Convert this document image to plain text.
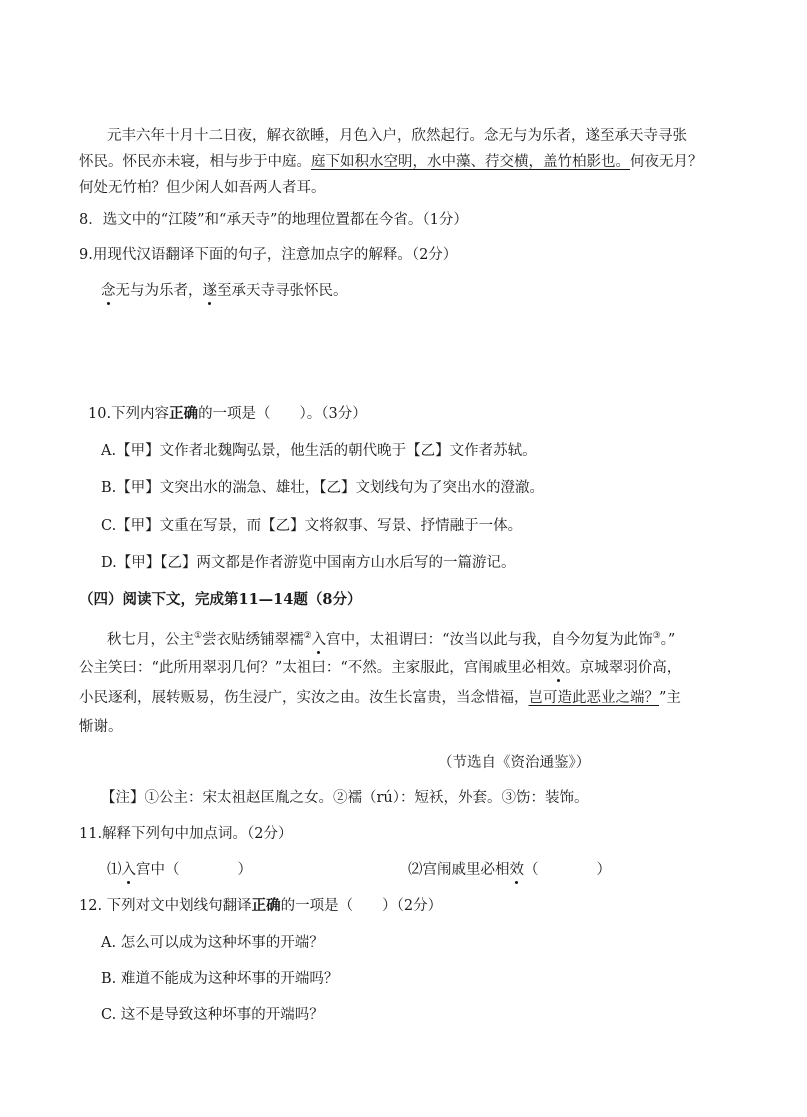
元丰六年十月十二日夜，解衣欲睡，月色入户，欣然起行。念无与为乐者，遂至承天寺寻张
怀民。怀民亦未寝，相与步于中庭。庭下如积水空明，水中藻、荇交横，盖竹柏影也。何夜无月？
何处无竹柏？但少闲人如吾两人者耳。
8．选文中的“江陵”和“承天寺”的地理位置都在今省。（1分）
9.用现代汉语翻译下面的句子，注意加点字的解释。（2分）
念无与为乐者，遂至承天寺寻张怀民。
10.下列内容正确的一项是（　　）。（3分）
A.【甲】文作者北魏陶弘景，他生活的朝代晚于【乙】文作者苏轼。
B.【甲】文突出水的湍急、雄壮，【乙】文划线句为了突出水的澄澈。
C.【甲】文重在写景，而【乙】文将叙事、写景、抒情融于一体。
D.【甲】【乙】两文都是作者游览中国南方山水后写的一篇游记。
（四）阅读下文，完成第11—14题（8分）
秋七月，公主①尝衣贴绣铺翠襦②入宫中，太祖谓曰：“汝当以此与我，自今勿复为此饰③。”
公主笑曰：“此所用翠羽几何？”太祖曰：“不然。主家服此，宫闱戚里必相效。京城翠羽价高，
小民逐利，展转贩易，伤生浸广，实汝之由。汝生长富贵，当念惜福，岂可造此恶业之端？”主
惭谢。
（节选自《资治通鉴》）
【注】①公主：宋太祖赵匡胤之女。②襦（rú）：短袄，外套。③饬：装饰。
11.解释下列句中加点词。（2分）
⑴入宫中（　　　　）	⑵宫闱戚里必相效（　　　　）
12. 下列对文中划线句翻译正确的一项是（　　）（2分）
A. 怎么可以成为这种坏事的开端？
B. 难道不能成为这种坏事的开端吗？
C. 这不是导致这种坏事的开端吗？
